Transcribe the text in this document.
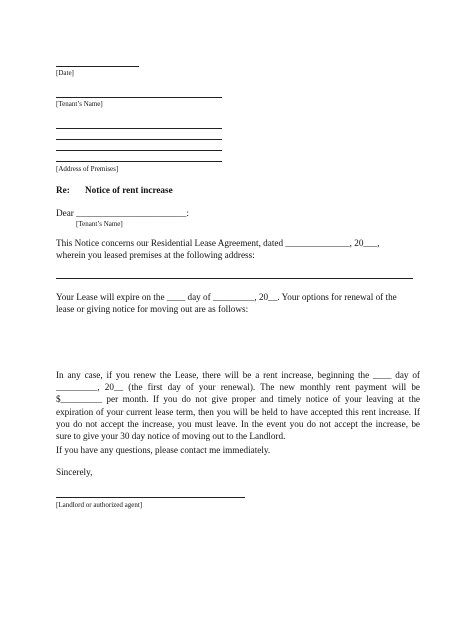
[Date]
[Tenant’s Name]
[Address of Premises]
Re: Notice of rent increase
Dear ________________________:
[Tenant’s Name]
This Notice concerns our Residential Lease Agreement, dated ______________, 20___,
wherein you leased premises at the following address:
Your Lease will expire on the ____ day of _________, 20__. Your options for renewal of the
lease or giving notice for moving out are as follows:
In any case, if you renew the Lease, there will be a rent increase, beginning the ____ day of
_________, 20__ (the first day of your renewal). The new monthly rent payment will be
$_________ per month. If you do not give proper and timely notice of your leaving at the
expiration of your current lease term, then you will be held to have accepted this rent increase. If
you do not accept the increase, you must leave. In the event you do not accept the increase, be
sure to give your 30 day notice of moving out to the Landlord.
If you have any questions, please contact me immediately.
Sincerely,
[Landlord or authorized agent]
